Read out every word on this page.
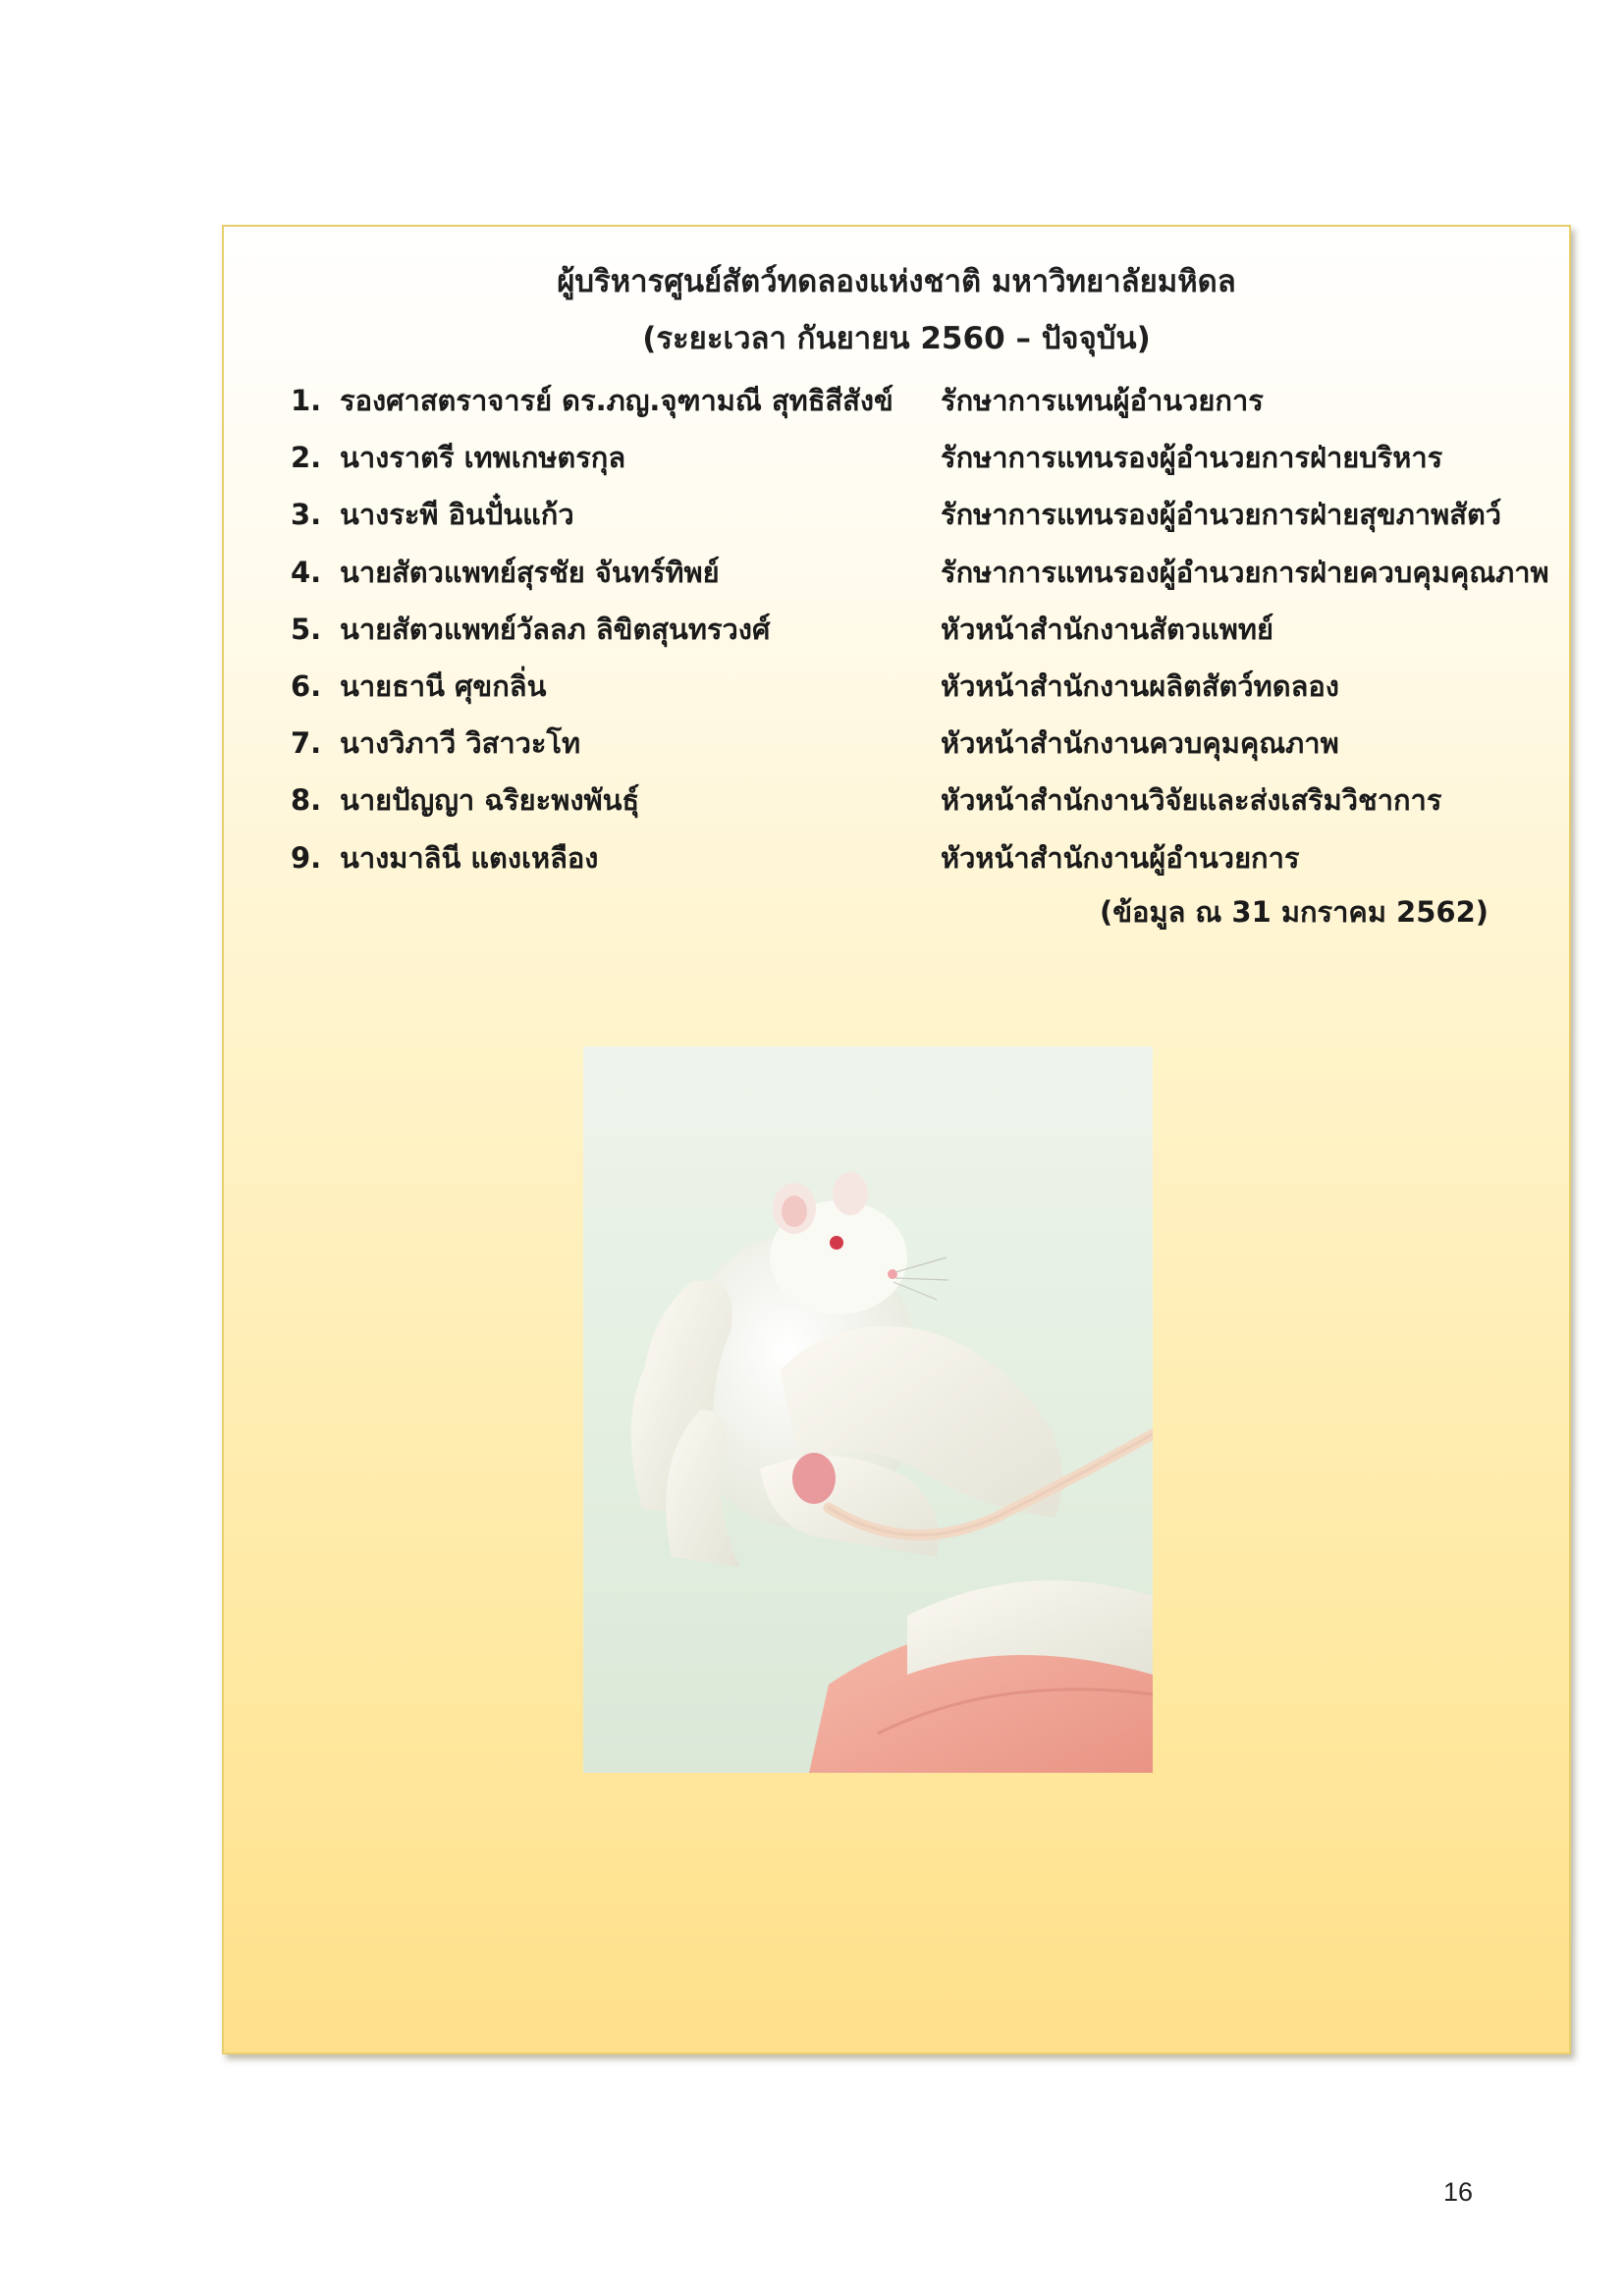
ผู้บริหารศูนย์สัตว์ทดลองแห่งชาติ มหาวิทยาลัยมหิดล
(ระยะเวลา กันยายน 2560 – ปัจจุบัน)
1. รองศาสตราจารย์ ดร.ภญ.จุฑามณี สุทธิสีสังข์	รักษาการแทนผู้อำนวยการ
2. นางราตรี เทพเกษตรกุล	รักษาการแทนรองผู้อำนวยการฝ่ายบริหาร
3. นางระพี อินปั๋นแก้ว	รักษาการแทนรองผู้อำนวยการฝ่ายสุขภาพสัตว์
4. นายสัตวแพทย์สุรชัย จันทร์ทิพย์	รักษาการแทนรองผู้อำนวยการฝ่ายควบคุมคุณภาพ
5. นายสัตวแพทย์วัลลภ ลิขิตสุนทรวงศ์	หัวหน้าสำนักงานสัตวแพทย์
6. นายธานี ศุขกลิ่น	หัวหน้าสำนักงานผลิตสัตว์ทดลอง
7. นางวิภาวี วิสาวะโท	หัวหน้าสำนักงานควบคุมคุณภาพ
8. นายปัญญา ฉริยะพงพันธุ์	หัวหน้าสำนักงานวิจัยและส่งเสริมวิชาการ
9. นางมาลินี แตงเหลือง	หัวหน้าสำนักงานผู้อำนวยการ
(ข้อมูล ณ 31 มกราคม 2562)
16
